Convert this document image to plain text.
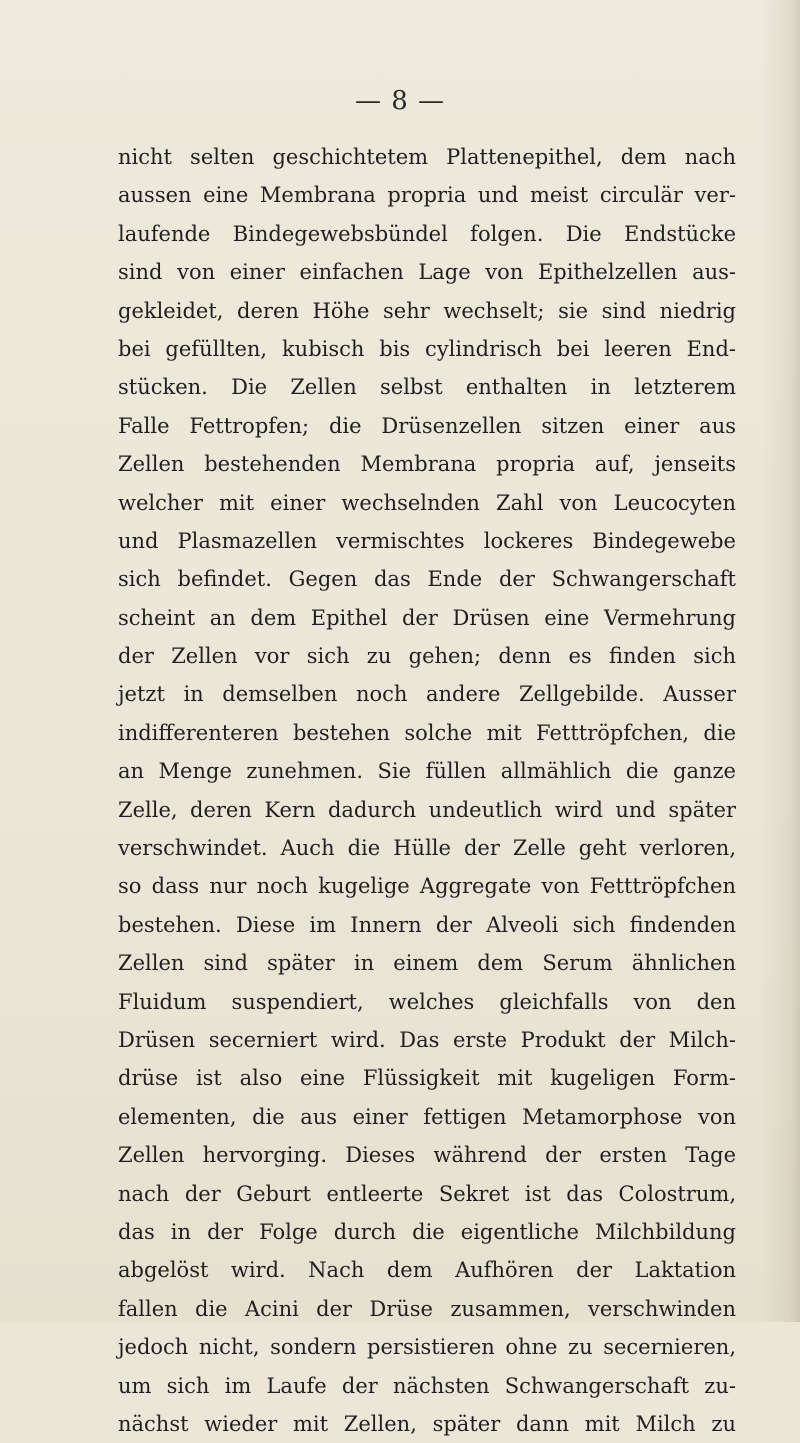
— 8 —
nicht selten geschichtetem Plattenepithel, dem nach
aussen eine Membrana propria und meist circulär ver-
laufende Bindegewebsbündel folgen. Die Endstücke
sind von einer einfachen Lage von Epithelzellen aus-
gekleidet, deren Höhe sehr wechselt; sie sind niedrig
bei gefüllten, kubisch bis cylindrisch bei leeren End-
stücken. Die Zellen selbst enthalten in letzterem
Falle Fettropfen; die Drüsenzellen sitzen einer aus
Zellen bestehenden Membrana propria auf, jenseits
welcher mit einer wechselnden Zahl von Leucocyten
und Plasmazellen vermischtes lockeres Bindegewebe
sich befindet. Gegen das Ende der Schwangerschaft
scheint an dem Epithel der Drüsen eine Vermehrung
der Zellen vor sich zu gehen; denn es finden sich
jetzt in demselben noch andere Zellgebilde. Ausser
indifferenteren bestehen solche mit Fetttröpfchen, die
an Menge zunehmen. Sie füllen allmählich die ganze
Zelle, deren Kern dadurch undeutlich wird und später
verschwindet. Auch die Hülle der Zelle geht verloren,
so dass nur noch kugelige Aggregate von Fetttröpfchen
bestehen. Diese im Innern der Alveoli sich findenden
Zellen sind später in einem dem Serum ähnlichen
Fluidum suspendiert, welches gleichfalls von den
Drüsen secerniert wird. Das erste Produkt der Milch-
drüse ist also eine Flüssigkeit mit kugeligen Form-
elementen, die aus einer fettigen Metamorphose von
Zellen hervorging. Dieses während der ersten Tage
nach der Geburt entleerte Sekret ist das Colostrum,
das in der Folge durch die eigentliche Milchbildung
abgelöst wird. Nach dem Aufhören der Laktation
fallen die Acini der Drüse zusammen, verschwinden
jedoch nicht, sondern persistieren ohne zu secernieren,
um sich im Laufe der nächsten Schwangerschaft zu-
nächst wieder mit Zellen, später dann mit Milch zu
